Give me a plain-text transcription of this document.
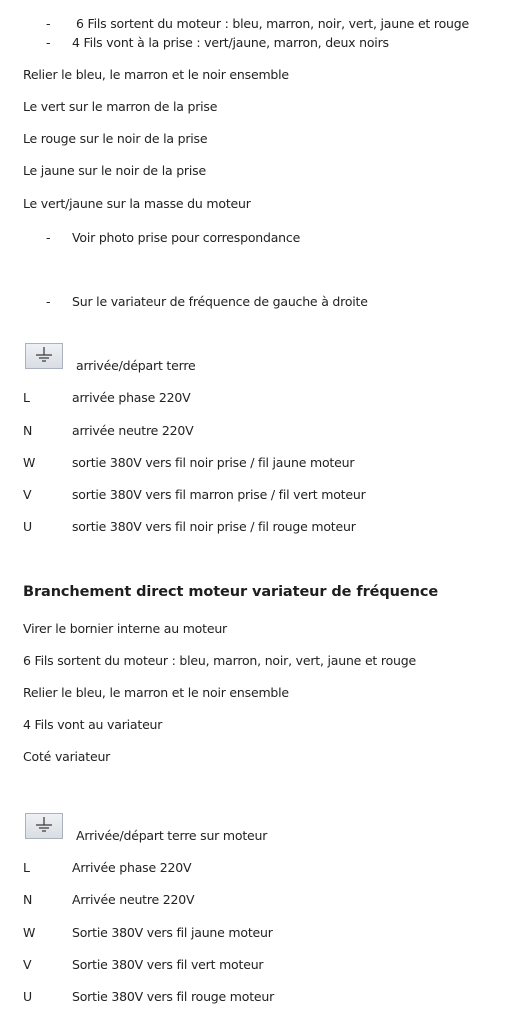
- 6 Fils sortent du moteur : bleu, marron, noir, vert, jaune et rouge
- 4 Fils vont à la prise : vert/jaune, marron, deux noirs
Relier le bleu, le marron et le noir ensemble
Le vert sur le marron de la prise
Le rouge sur le noir de la prise
Le jaune sur le noir de la prise
Le vert/jaune sur la masse du moteur
- Voir photo prise pour correspondance
- Sur le variateur de fréquence de gauche à droite
arrivée/départ terre
L	arrivée phase 220V
N	arrivée neutre 220V
W	sortie 380V vers fil noir prise / fil jaune moteur
V	sortie 380V vers fil marron prise / fil vert moteur
U	sortie 380V vers fil noir prise / fil rouge moteur
Branchement direct moteur variateur de fréquence
Virer le bornier interne au moteur
6 Fils sortent du moteur : bleu, marron, noir, vert, jaune et rouge
Relier le bleu, le marron et le noir ensemble
4 Fils vont au variateur
Coté variateur
Arrivée/départ terre sur moteur
L	Arrivée phase 220V
N	Arrivée neutre 220V
W	Sortie 380V vers fil jaune moteur
V	Sortie 380V vers fil vert moteur
U	Sortie 380V vers fil rouge moteur
